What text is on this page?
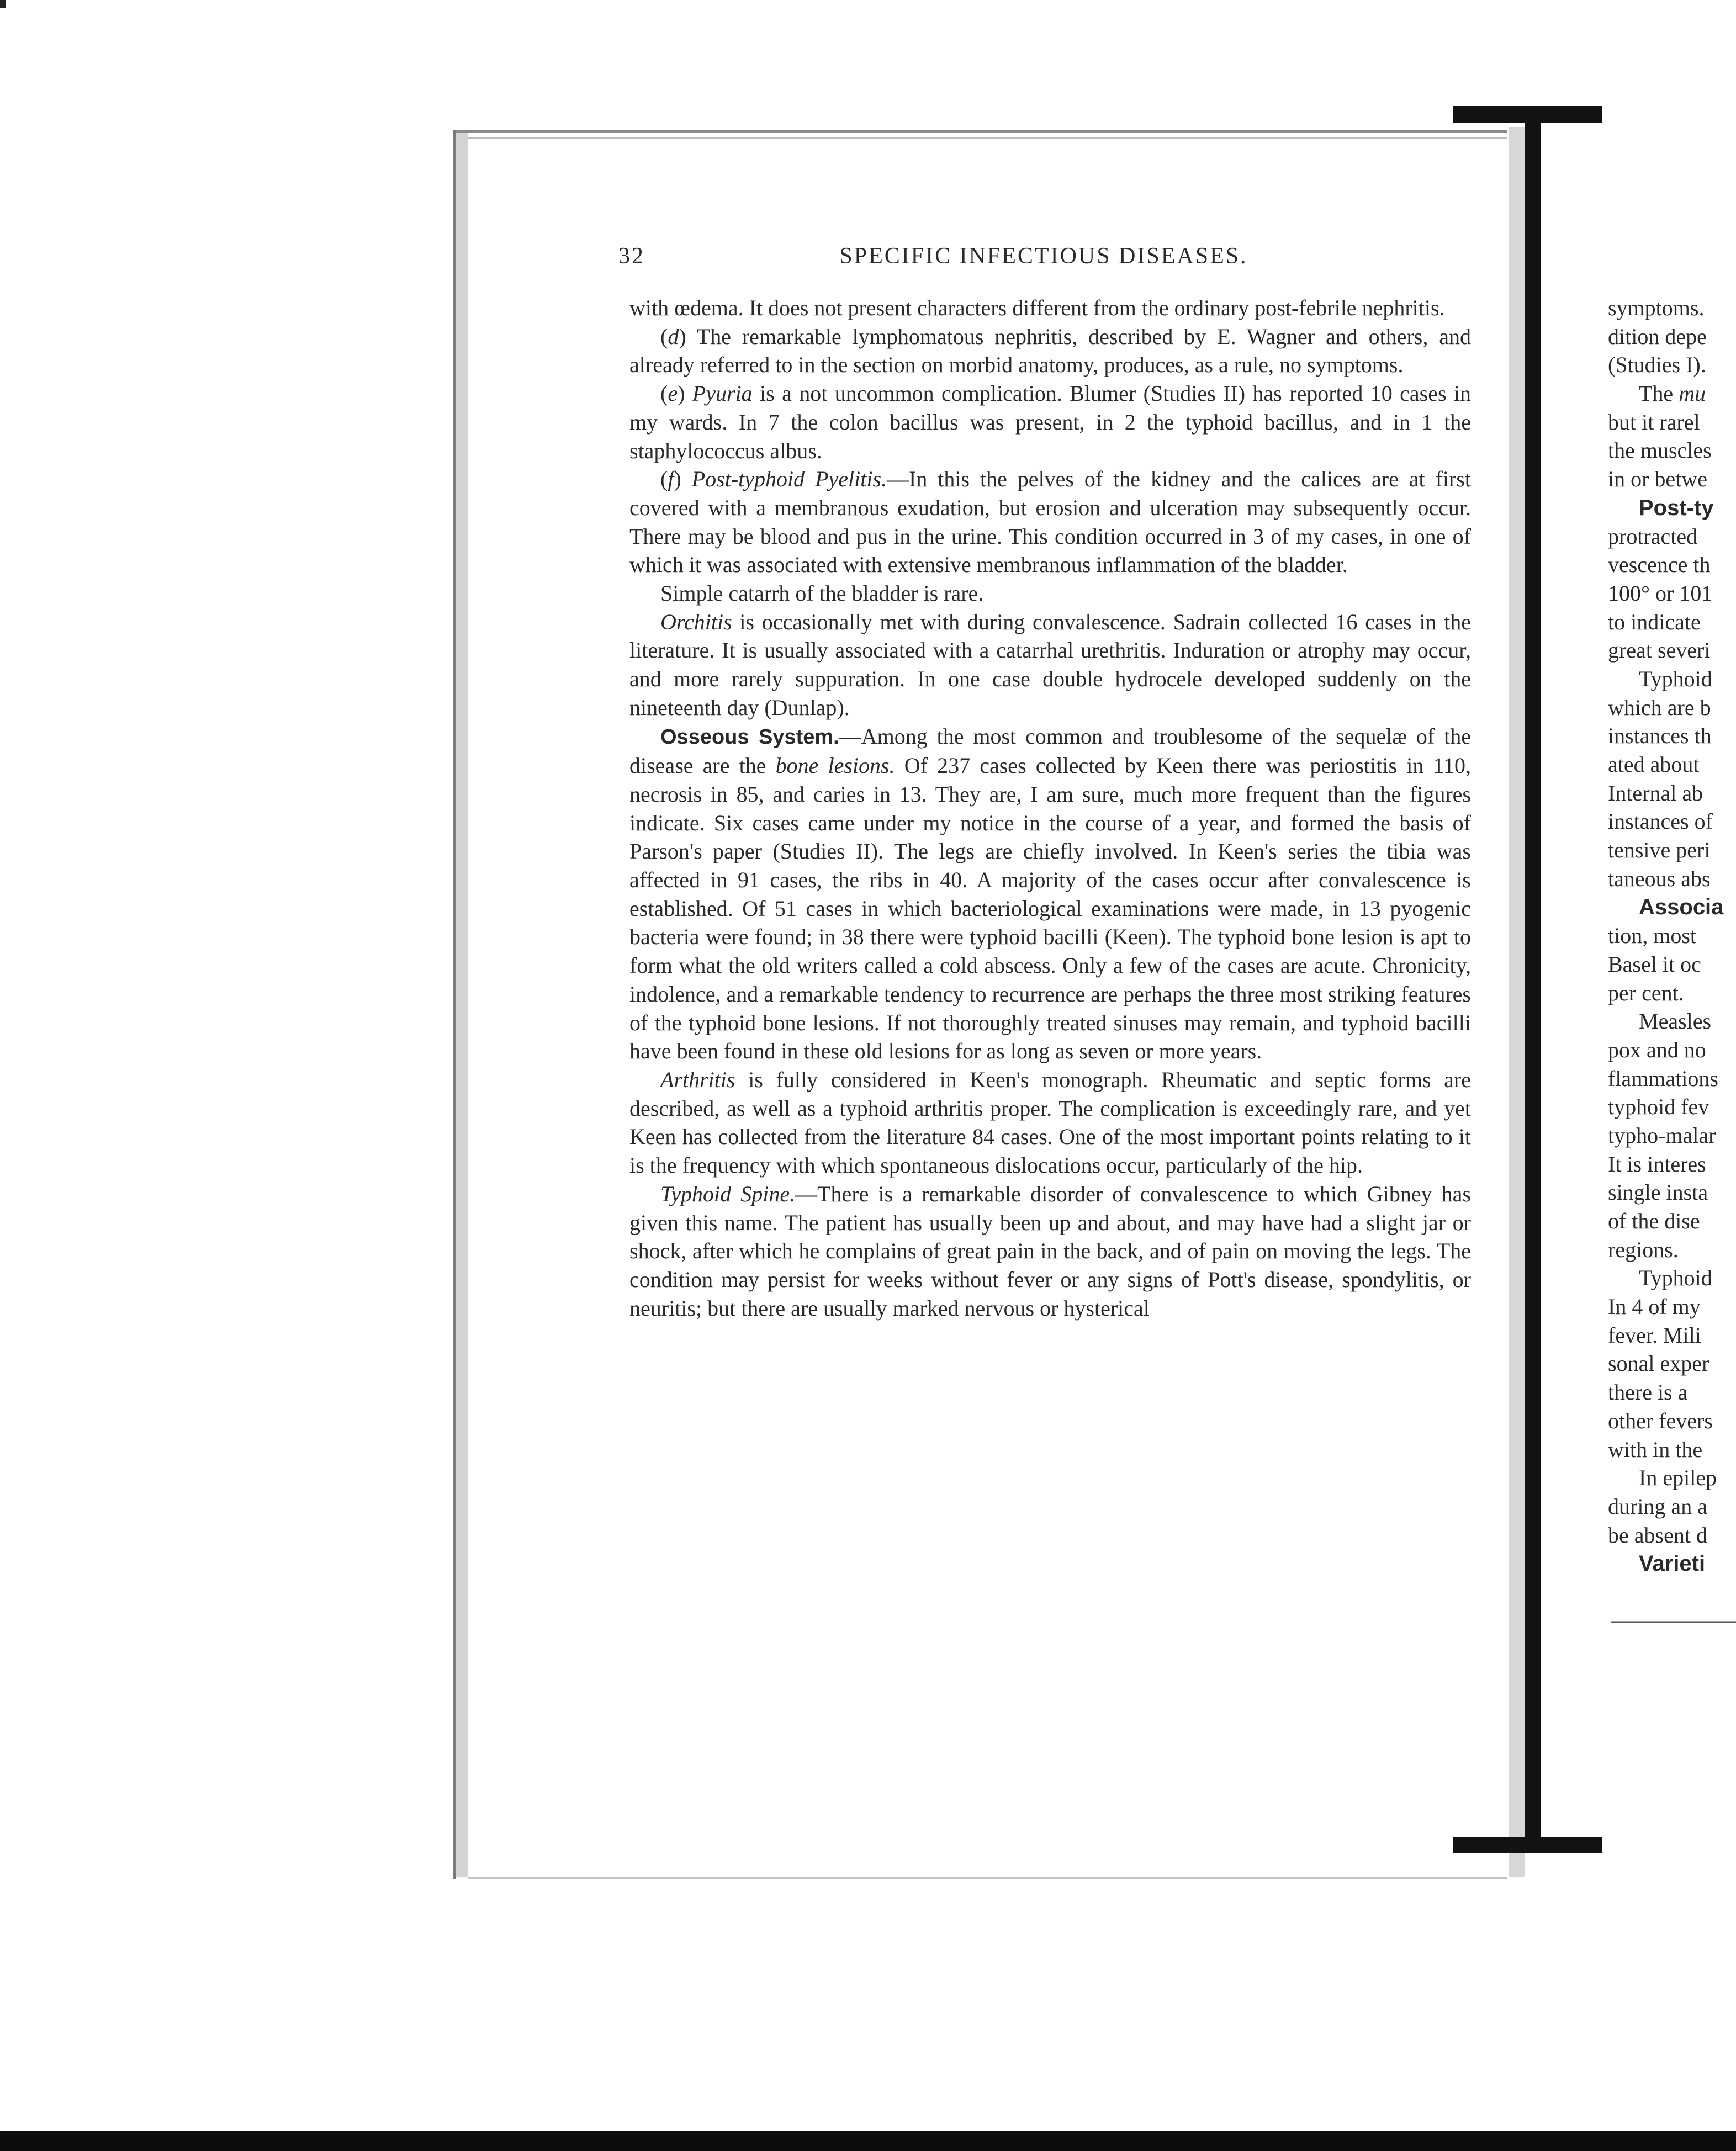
32	SPECIFIC INFECTIOUS DISEASES.

with œdema. It does not present characters different from the ordinary post-febrile nephritis.

(d) The remarkable lymphomatous nephritis, described by E. Wagner and others, and already referred to in the section on morbid anatomy, produces, as a rule, no symptoms.

(e) Pyuria is a not uncommon complication. Blumer (Studies II) has reported 10 cases in my wards. In 7 the colon bacillus was present, in 2 the typhoid bacillus, and in 1 the staphylococcus albus.

(f) Post-typhoid Pyelitis.—In this the pelves of the kidney and the calices are at first covered with a membranous exudation, but erosion and ulceration may subsequently occur. There may be blood and pus in the urine. This condition occurred in 3 of my cases, in one of which it was associated with extensive membranous inflammation of the bladder.

Simple catarrh of the bladder is rare.

Orchitis is occasionally met with during convalescence. Sadrain collected 16 cases in the literature. It is usually associated with a catarrhal urethritis. Induration or atrophy may occur, and more rarely suppuration. In one case double hydrocele developed suddenly on the nineteenth day (Dunlap).

Osseous System.—Among the most common and troublesome of the sequelæ of the disease are the bone lesions. Of 237 cases collected by Keen there was periostitis in 110, necrosis in 85, and caries in 13. They are, I am sure, much more frequent than the figures indicate. Six cases came under my notice in the course of a year, and formed the basis of Parson's paper (Studies II). The legs are chiefly involved. In Keen's series the tibia was affected in 91 cases, the ribs in 40. A majority of the cases occur after convalescence is established. Of 51 cases in which bacteriological examinations were made, in 13 pyogenic bacteria were found; in 38 there were typhoid bacilli (Keen). The typhoid bone lesion is apt to form what the old writers called a cold abscess. Only a few of the cases are acute. Chronicity, indolence, and a remarkable tendency to recurrence are perhaps the three most striking features of the typhoid bone lesions. If not thoroughly treated sinuses may remain, and typhoid bacilli have been found in these old lesions for as long as seven or more years.

Arthritis is fully considered in Keen's monograph. Rheumatic and septic forms are described, as well as a typhoid arthritis proper. The complication is exceedingly rare, and yet Keen has collected from the literature 84 cases. One of the most important points relating to it is the frequency with which spontaneous dislocations occur, particularly of the hip.

Typhoid Spine.—There is a remarkable disorder of convalescence to which Gibney has given this name. The patient has usually been up and about, and may have had a slight jar or shock, after which he complains of great pain in the back, and of pain on moving the legs. The condition may persist for weeks without fever or any signs of Pott's disease, spondylitis, or neuritis; but there are usually marked nervous or hysterical

symptoms.
dition depe
(Studies I).
The mu
but it rarel
the muscles
in or betwe
Post-ty
protracted
vescence th
100° or 101
to indicate
great severi
Typhoid
which are b
instances th
ated about
Internal ab
instances of
tensive peri
taneous abs
Associa
tion, most
Basel it oc
per cent.
Measles
pox and no
flammations
typhoid fev
typho-malar
It is interes
single insta
of the dise
regions.
Typhoid
In 4 of my
fever. Mili
sonal exper
there is a
other fevers
with in the
In epilep
during an a
be absent d
Varieti
